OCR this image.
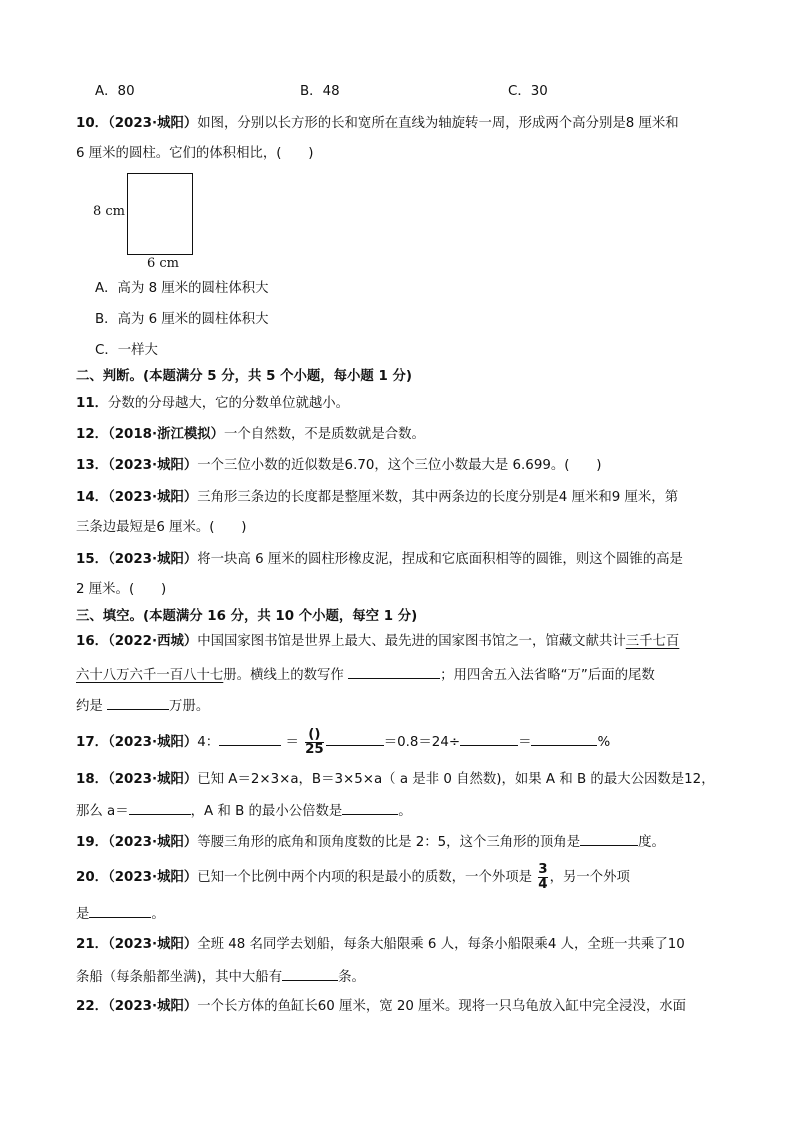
A．80	B．48	C．30
10．（2023·城阳）如图，分别以长方形的长和宽所在直线为轴旋转一周，形成两个高分别是8 厘米和
6 厘米的圆柱。它们的体积相比，(　　)
8 cm
6 cm
A．高为 8 厘米的圆柱体积大
B．高为 6 厘米的圆柱体积大
C．一样大
二、判断。(本题满分 5 分，共 5 个小题，每小题 1 分)
11．分数的分母越大，它的分数单位就越小。
12．（2018·浙江模拟）一个自然数，不是质数就是合数。
13．（2023·城阳）一个三位小数的近似数是6.70，这个三位小数最大是 6.699。(　　)
14．（2023·城阳）三角形三条边的长度都是整厘米数，其中两条边的长度分别是4 厘米和9 厘米，第
三条边最短是6 厘米。(　　)
15．（2023·城阳）将一块高 6 厘米的圆柱形橡皮泥，捏成和它底面积相等的圆锥，则这个圆锥的高是
2 厘米。(　　)
三、填空。(本题满分 16 分，共 10 个小题，每空 1 分)
16．（2022·西城）中国国家图书馆是世界上最大、最先进的国家图书馆之一，馆藏文献共计三千七百
六十八万六千一百八十七册。横线上的数写作	；用四舍五入法省略“万”后面的尾数
约是	万册。
17．（2023·城阳）4：	＝ $\frac{()}{25}$	＝0.8＝24÷	＝	%
18．（2023·城阳）已知 A＝2×3×a，B＝3×5×a（ a 是非 0 自然数)，如果 A 和 B 的最大公因数是12，
那么 a＝	，A 和 B 的最小公倍数是	。
19．（2023·城阳）等腰三角形的底角和顶角度数的比是 2：5，这个三角形的顶角是	度。
20．（2023·城阳）已知一个比例中两个内项的积是最小的质数，一个外项是 $\frac{3}{4}$ ，另一个外项
是	。
21．（2023·城阳）全班 48 名同学去划船，每条大船限乘 6 人，每条小船限乘4 人，全班一共乘了10
条船（每条船都坐满)，其中大船有	条。
22．（2023·城阳）一个长方体的鱼缸长60 厘米，宽 20 厘米。现将一只乌龟放入缸中完全浸没，水面
